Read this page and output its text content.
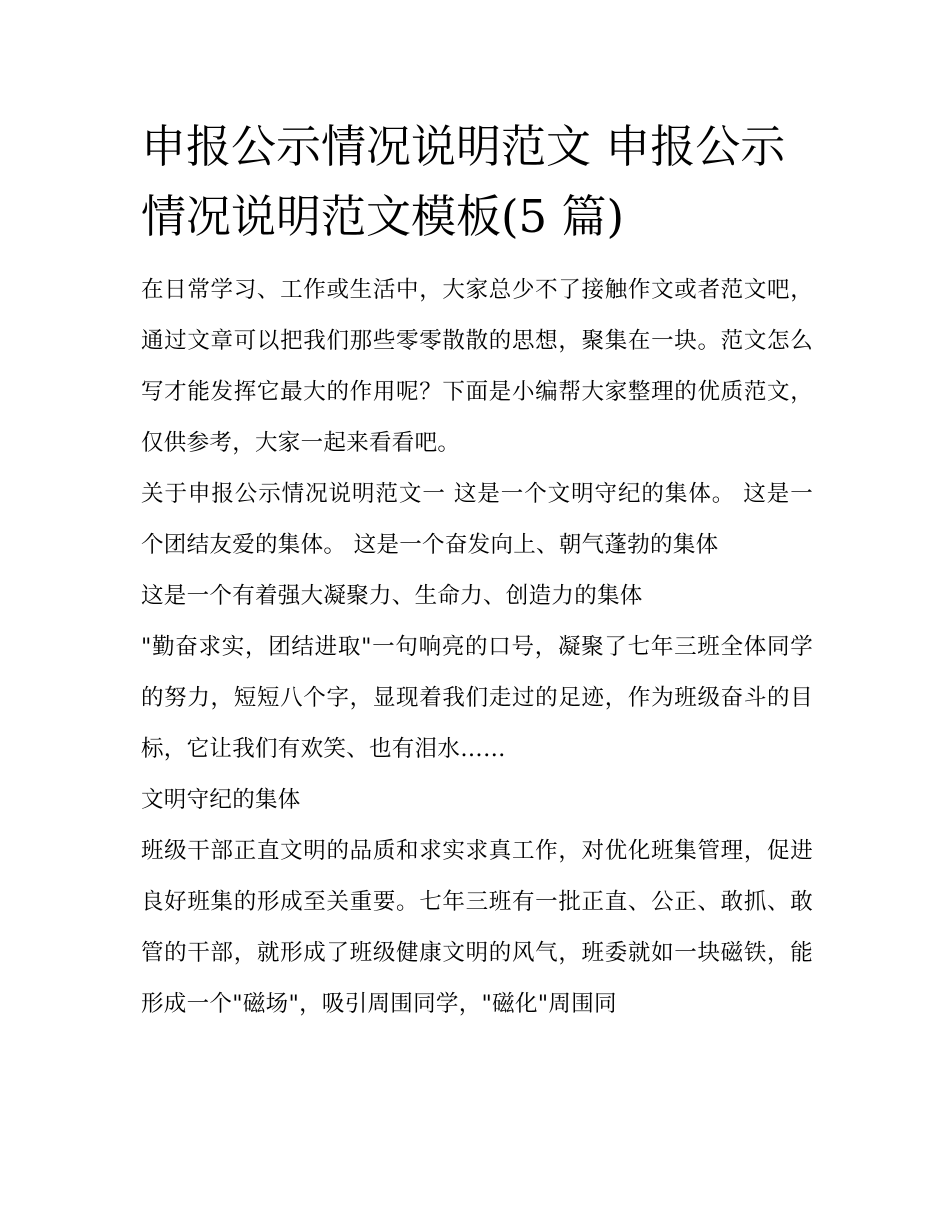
申报公示情况说明范文 申报公示情况说明范文模板(5 篇)

在日常学习、工作或生活中，大家总少不了接触作文或者范文吧，通过文章可以把我们那些零零散散的思想，聚集在一块。范文怎么写才能发挥它最大的作用呢？下面是小编帮大家整理的优质范文，仅供参考，大家一起来看看吧。

关于申报公示情况说明范文一 这是一个文明守纪的集体。 这是一个团结友爱的集体。 这是一个奋发向上、朝气蓬勃的集体

这是一个有着强大凝聚力、生命力、创造力的集体

"勤奋求实，团结进取"一句响亮的口号，凝聚了七年三班全体同学的努力，短短八个字，显现着我们走过的足迹，作为班级奋斗的目标，它让我们有欢笑、也有泪水……

文明守纪的集体

班级干部正直文明的品质和求实求真工作，对优化班集管理，促进良好班集的形成至关重要。七年三班有一批正直、公正、敢抓、敢管的干部，就形成了班级健康文明的风气，班委就如一块磁铁，能形成一个"磁场"，吸引周围同学，"磁化"周围同
